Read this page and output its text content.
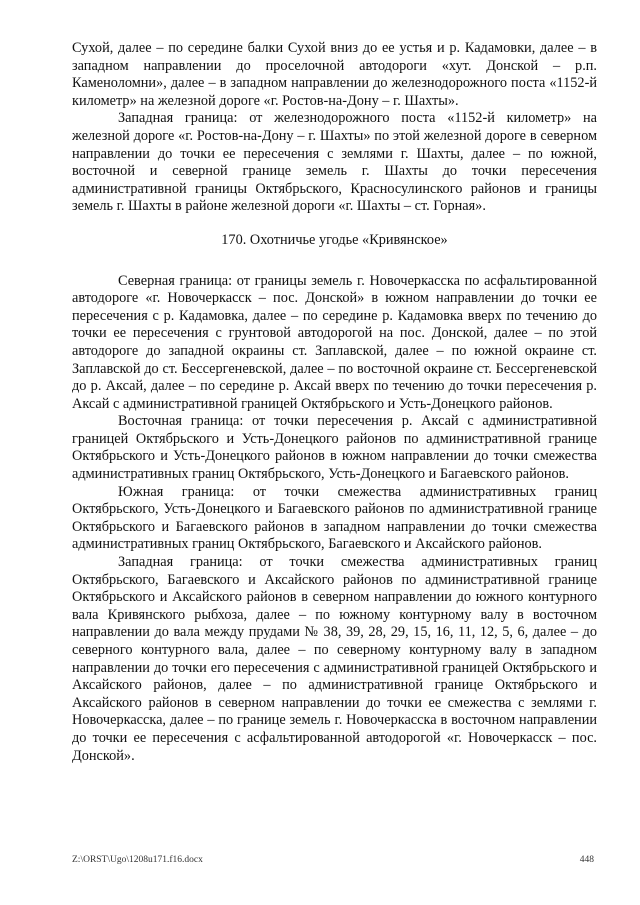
Сухой, далее – по середине балки Сухой вниз до ее устья и р. Кадамовки, далее – в западном направлении до проселочной автодороги «хут. Донской – р.п. Каменоломни», далее – в западном направлении до железнодорожного поста «1152-й километр» на железной дороге «г. Ростов-на-Дону – г. Шахты».

Западная граница: от железнодорожного поста «1152-й километр» на железной дороге «г. Ростов-на-Дону – г. Шахты» по этой железной дороге в северном направлении до точки ее пересечения с землями г. Шахты, далее – по южной, восточной и северной границе земель г. Шахты до точки пересечения административной границы Октябрьского, Красносулинского районов и границы земель г. Шахты в районе железной дороги «г. Шахты – ст. Горная».

170. Охотничье угодье «Кривянское»

Северная граница: от границы земель г. Новочеркасска по асфальтированной автодороге «г. Новочеркасск – пос. Донской» в южном направлении до точки ее пересечения с р. Кадамовка, далее – по середине р. Кадамовка вверх по течению до точки ее пересечения с грунтовой автодорогой на пос. Донской, далее – по этой автодороге до западной окраины ст. Заплавской, далее – по южной окраине ст. Заплавской до ст. Бессергеневской, далее – по восточной окраине ст. Бессергеневской до р. Аксай, далее – по середине р. Аксай вверх по течению до точки пересечения р. Аксай с административной границей Октябрьского и Усть-Донецкого районов.

Восточная граница: от точки пересечения р. Аксай с административной границей Октябрьского и Усть-Донецкого районов по административной границе Октябрьского и Усть-Донецкого районов в южном направлении до точки смежества административных границ Октябрьского, Усть-Донецкого и Багаевского районов.

Южная граница: от точки смежества административных границ Октябрьского, Усть-Донецкого и Багаевского районов по административной границе Октябрьского и Багаевского районов в западном направлении до точки смежества административных границ Октябрьского, Багаевского и Аксайского районов.

Западная граница: от точки смежества административных границ Октябрьского, Багаевского и Аксайского районов по административной границе Октябрьского и Аксайского районов в северном направлении до южного контурного вала Кривянского рыбхоза, далее – по южному контурному валу в восточном направлении до вала между прудами № 38, 39, 28, 29, 15, 16, 11, 12, 5, 6, далее – до северного контурного вала, далее – по северному контурному валу в западном направлении до точки его пересечения с административной границей Октябрьского и Аксайского районов, далее – по административной границе Октябрьского и Аксайского районов в северном направлении до точки ее смежества с землями г. Новочеркасска, далее – по границе земель г. Новочеркасска в восточном направлении до точки ее пересечения с асфальтированной автодорогой «г. Новочеркасск – пос. Донской».

Z:\ORST\Ugo\1208u171.f16.docx	448
